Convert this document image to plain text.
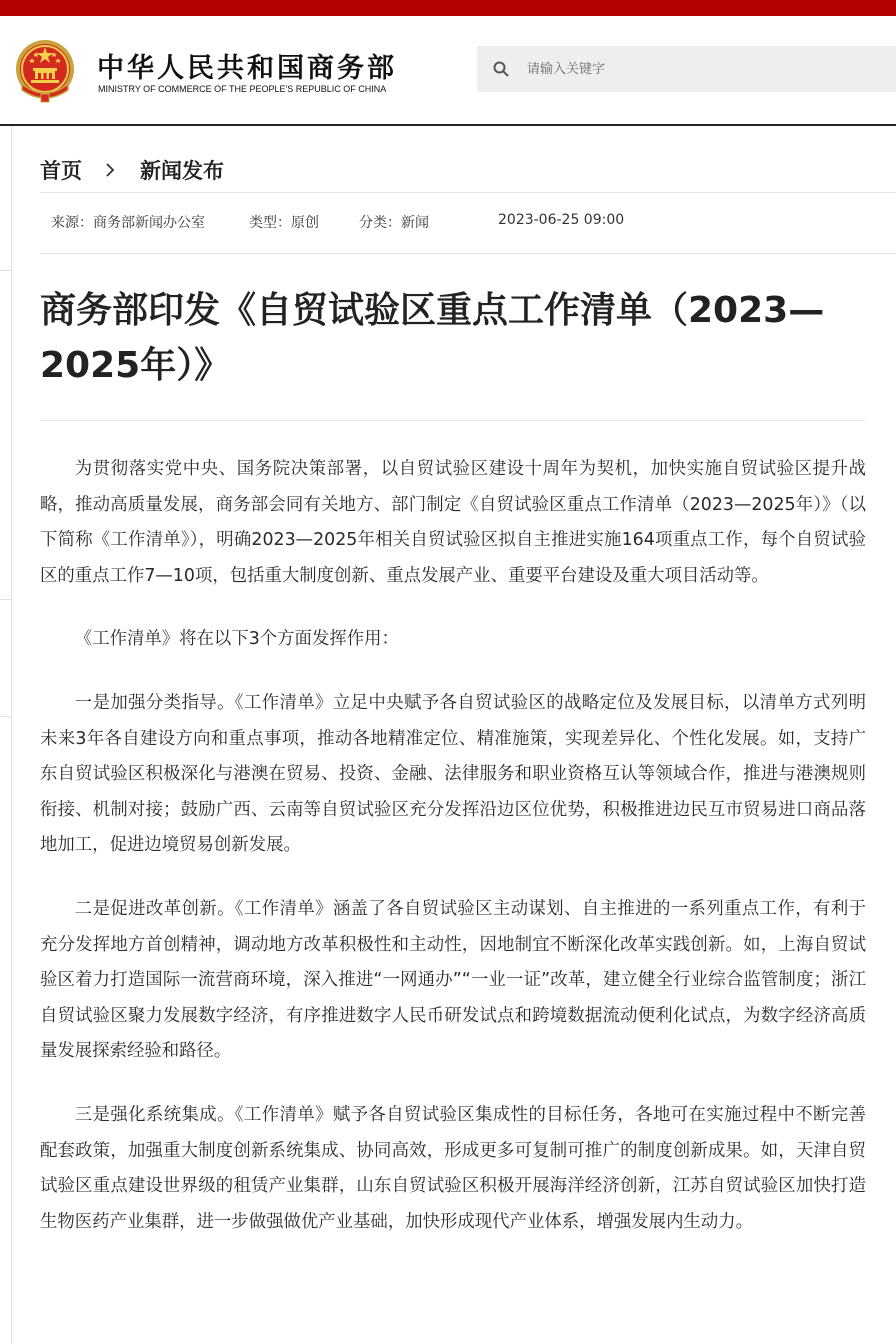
中华人民共和国商务部
MINISTRY OF COMMERCE OF THE PEOPLE'S REPUBLIC OF CHINA
请输入关键字
首页	新闻发布
来源：商务部新闻办公室	类型：原创	分类：新闻	2023-06-25 09:00
商务部印发《自贸试验区重点工作清单（2023—2025年）》

为贯彻落实党中央、国务院决策部署，以自贸试验区建设十周年为契机，加快实施自贸试验区提升战略，推动高质量发展，商务部会同有关地方、部门制定《自贸试验区重点工作清单（2023—2025年）》（以下简称《工作清单》），明确2023—2025年相关自贸试验区拟自主推进实施164项重点工作，每个自贸试验区的重点工作7—10项，包括重大制度创新、重点发展产业、重要平台建设及重大项目活动等。

《工作清单》将在以下3个方面发挥作用：

一是加强分类指导。《工作清单》立足中央赋予各自贸试验区的战略定位及发展目标，以清单方式列明未来3年各自建设方向和重点事项，推动各地精准定位、精准施策，实现差异化、个性化发展。如，支持广东自贸试验区积极深化与港澳在贸易、投资、金融、法律服务和职业资格互认等领域合作，推进与港澳规则衔接、机制对接；鼓励广西、云南等自贸试验区充分发挥沿边区位优势，积极推进边民互市贸易进口商品落地加工，促进边境贸易创新发展。

二是促进改革创新。《工作清单》涵盖了各自贸试验区主动谋划、自主推进的一系列重点工作，有利于充分发挥地方首创精神，调动地方改革积极性和主动性，因地制宜不断深化改革实践创新。如，上海自贸试验区着力打造国际一流营商环境，深入推进“一网通办”“一业一证”改革，建立健全行业综合监管制度；浙江自贸试验区聚力发展数字经济，有序推进数字人民币研发试点和跨境数据流动便利化试点，为数字经济高质量发展探索经验和路径。

三是强化系统集成。《工作清单》赋予各自贸试验区集成性的目标任务，各地可在实施过程中不断完善配套政策，加强重大制度创新系统集成、协同高效，形成更多可复制可推广的制度创新成果。如，天津自贸试验区重点建设世界级的租赁产业集群，山东自贸试验区积极开展海洋经济创新，江苏自贸试验区加快打造生物医药产业集群，进一步做强做优产业基础，加快形成现代产业体系，增强发展内生动力。
